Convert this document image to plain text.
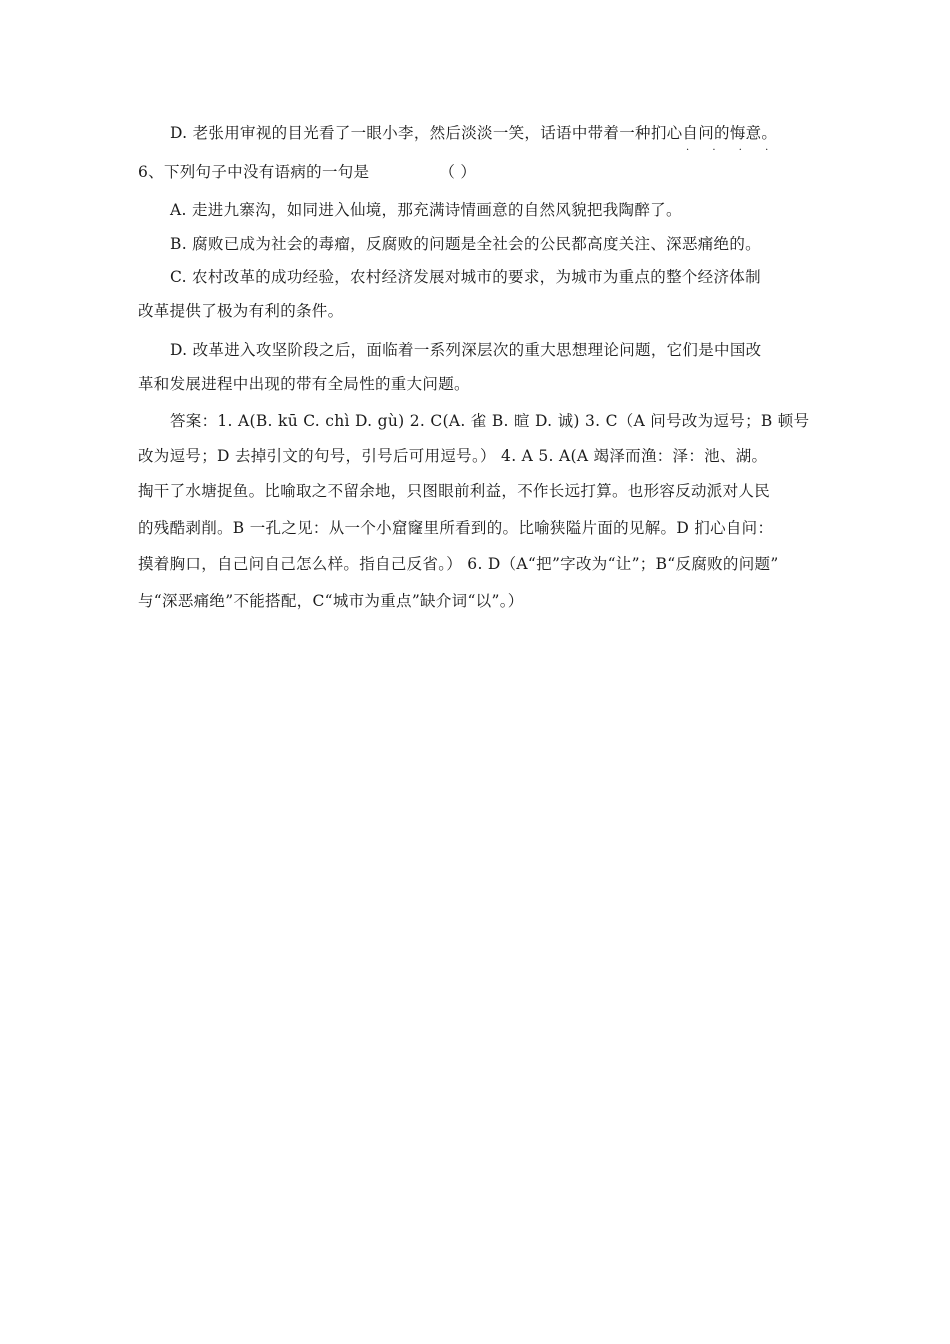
D. 老张用审视的目光看了一眼小李，然后淡淡一笑，话语中带着一种扪心自问的悔意。
· · · ·
6、下列句子中没有语病的一句是	（ ）
A. 走进九寨沟，如同进入仙境，那充满诗情画意的自然风貌把我陶醉了。
B. 腐败已成为社会的毒瘤，反腐败的问题是全社会的公民都高度关注、深恶痛绝的。
C. 农村改革的成功经验，农村经济发展对城市的要求，为城市为重点的整个经济体制
改革提供了极为有利的条件。
D. 改革进入攻坚阶段之后，面临着一系列深层次的重大思想理论问题，它们是中国改
革和发展进程中出现的带有全局性的重大问题。
答案：1. A(B. kū C. chì D. gù) 2. C(A. 雀 B. 暄 D. 诚) 3. C（A 问号改为逗号；B 顿号
改为逗号；D 去掉引文的句号，引号后可用逗号。） 4. A 5. A(A 竭泽而渔：泽：池、湖。
掏干了水塘捉鱼。比喻取之不留余地，只图眼前利益，不作长远打算。也形容反动派对人民
的残酷剥削。B 一孔之见：从一个小窟窿里所看到的。比喻狭隘片面的见解。D 扪心自问：
摸着胸口，自己问自己怎么样。指自己反省。） 6. D（A“把”字改为“让”；B“反腐败的问题”
与“深恶痛绝”不能搭配，C“城市为重点”缺介词“以”。）
